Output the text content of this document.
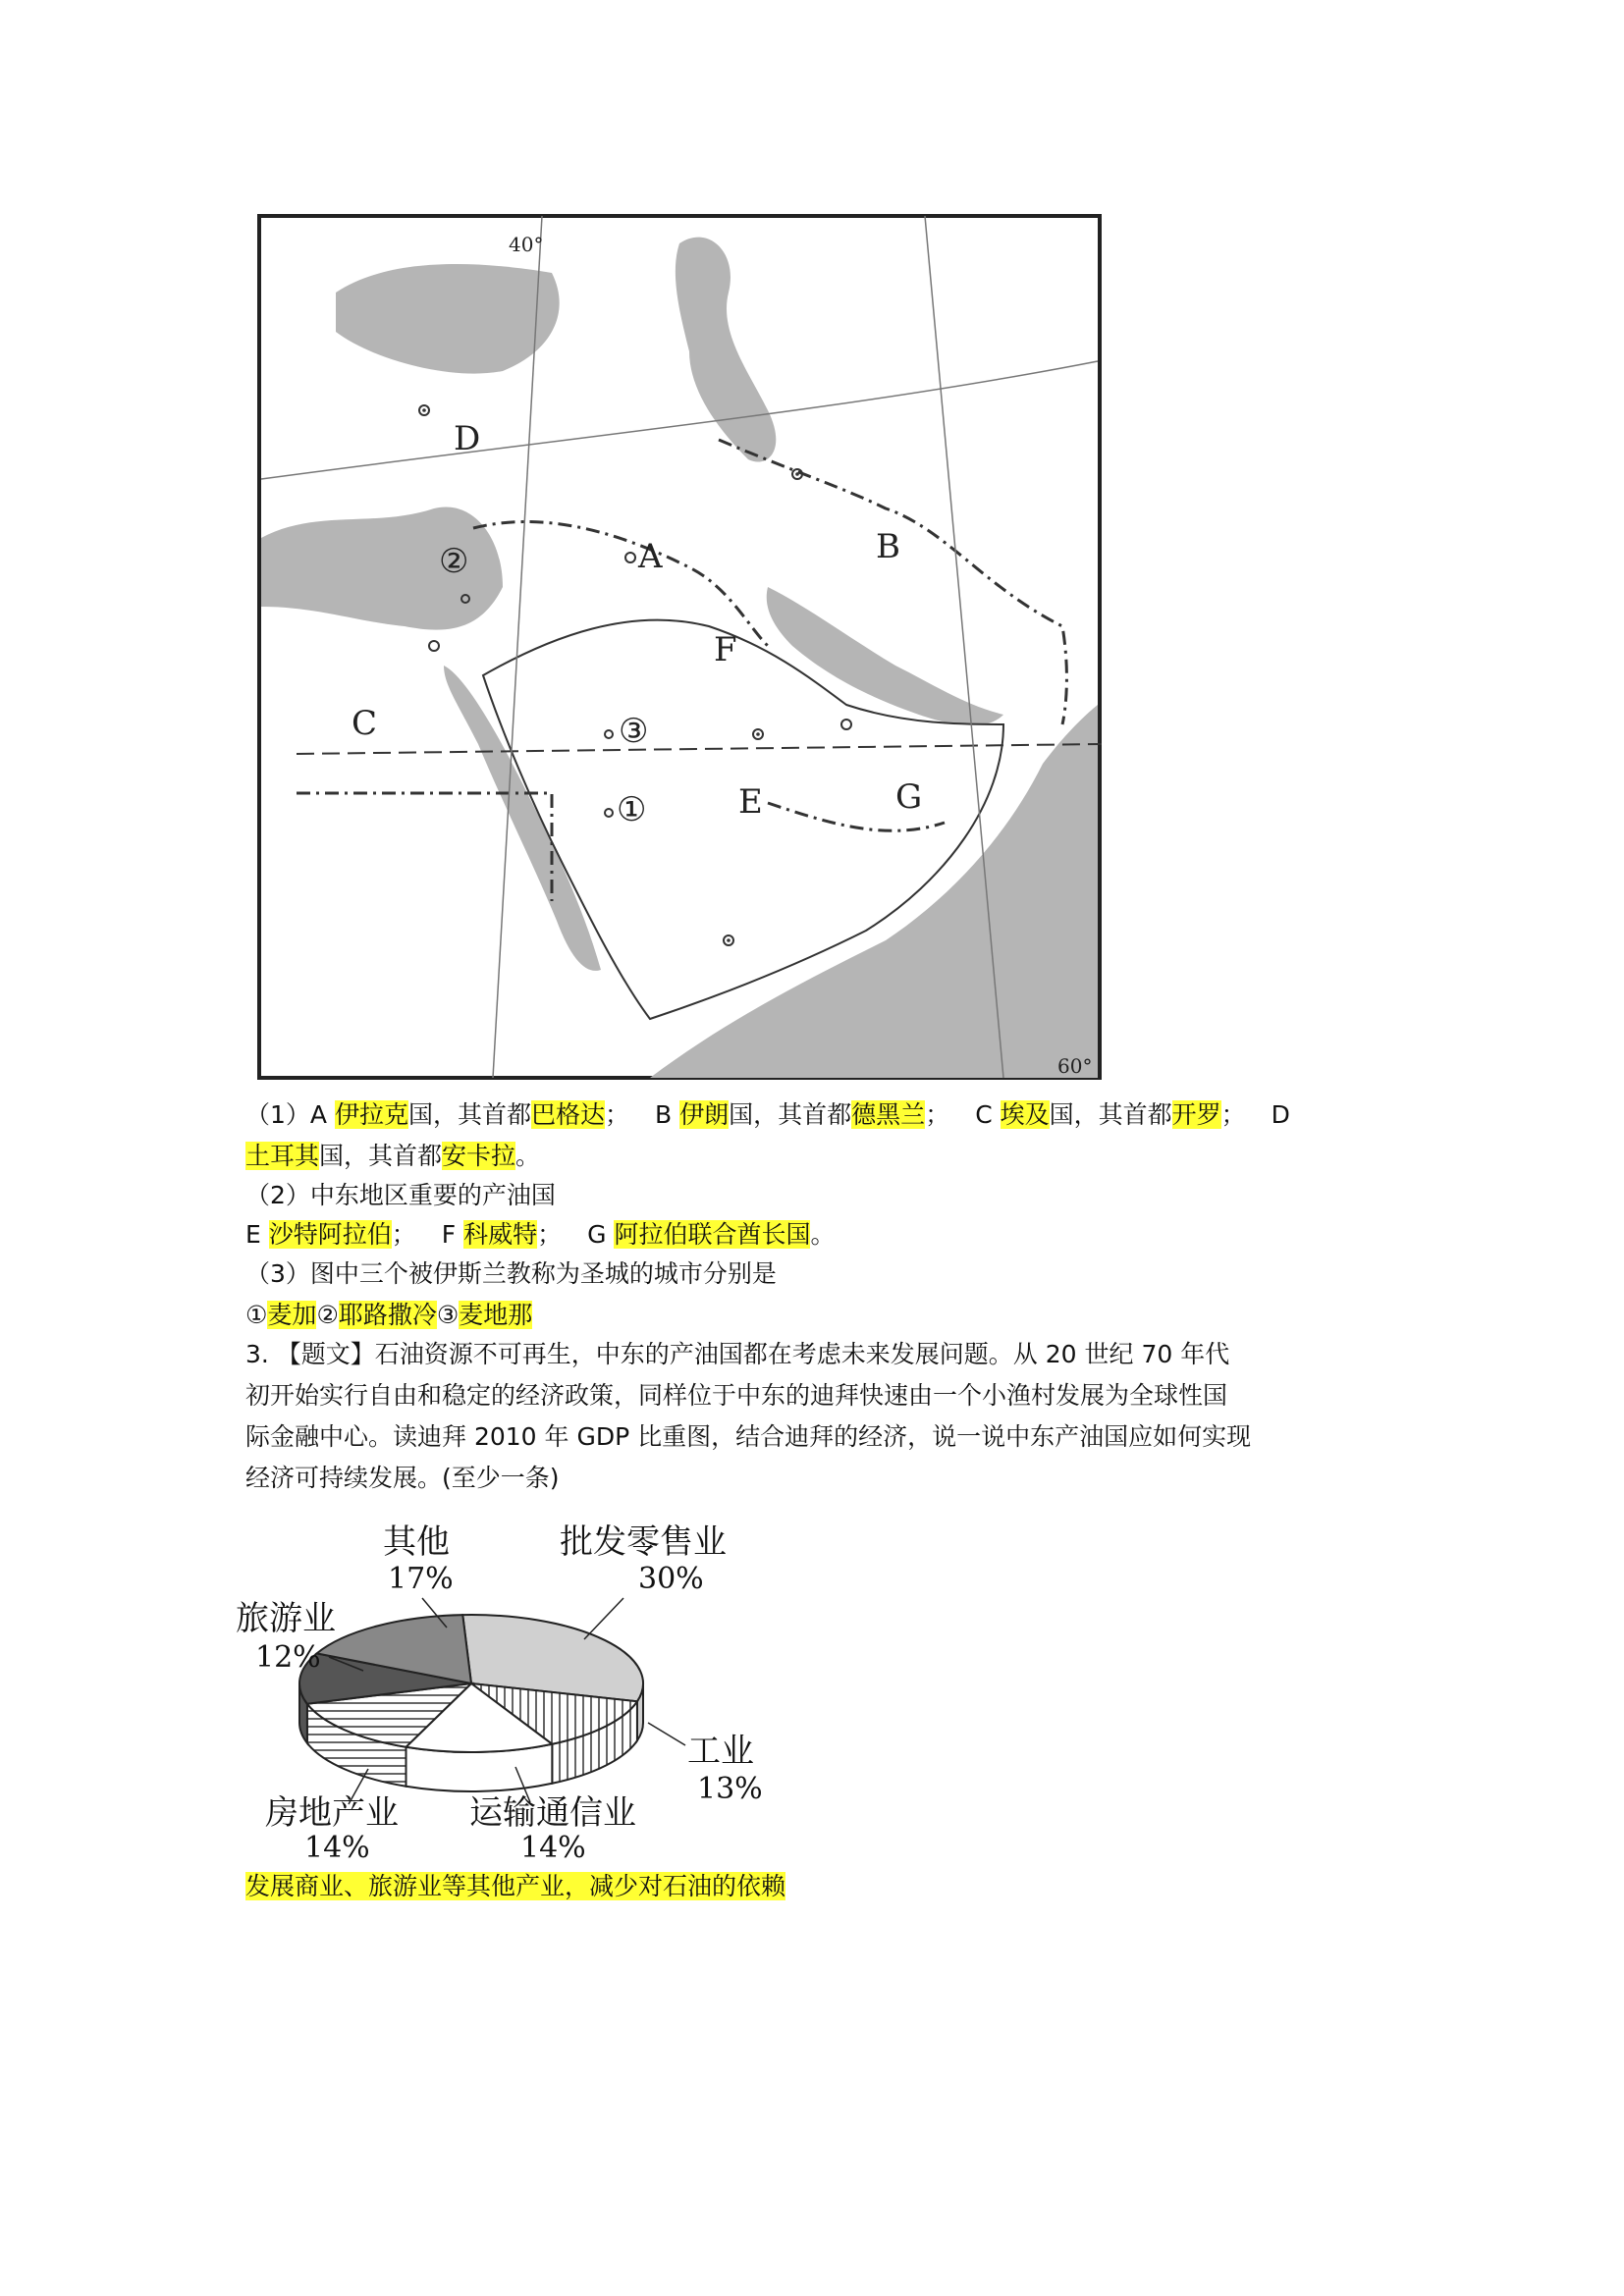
40°
60°
A	B
C
D
E
F
G
①
②
③
（1）A 伊拉克国，其首都巴格达； B 伊朗国，其首都德黑兰； C 埃及国，其首都开罗； D
土耳其国，其首都安卡拉。
（2）中东地区重要的产油国
E 沙特阿拉伯； F 科威特； G 阿拉伯联合酋长国。
（3）图中三个被伊斯兰教称为圣城的城市分别是
①麦加②耶路撒冷③麦地那
3. 【题文】石油资源不可再生，中东的产油国都在考虑未来发展问题。从 20 世纪 70 年代
初开始实行自由和稳定的经济政策，同样位于中东的迪拜快速由一个小渔村发展为全球性国
际金融中心。读迪拜 2010 年 GDP 比重图，结合迪拜的经济，说一说中东产油国应如何实现
经济可持续发展。(至少一条)
批发零售业
30%
工业
13%
运输通信业
14%
房地产业
14%
旅游业
12%
其他
17%
发展商业、旅游业等其他产业，减少对石油的依赖
